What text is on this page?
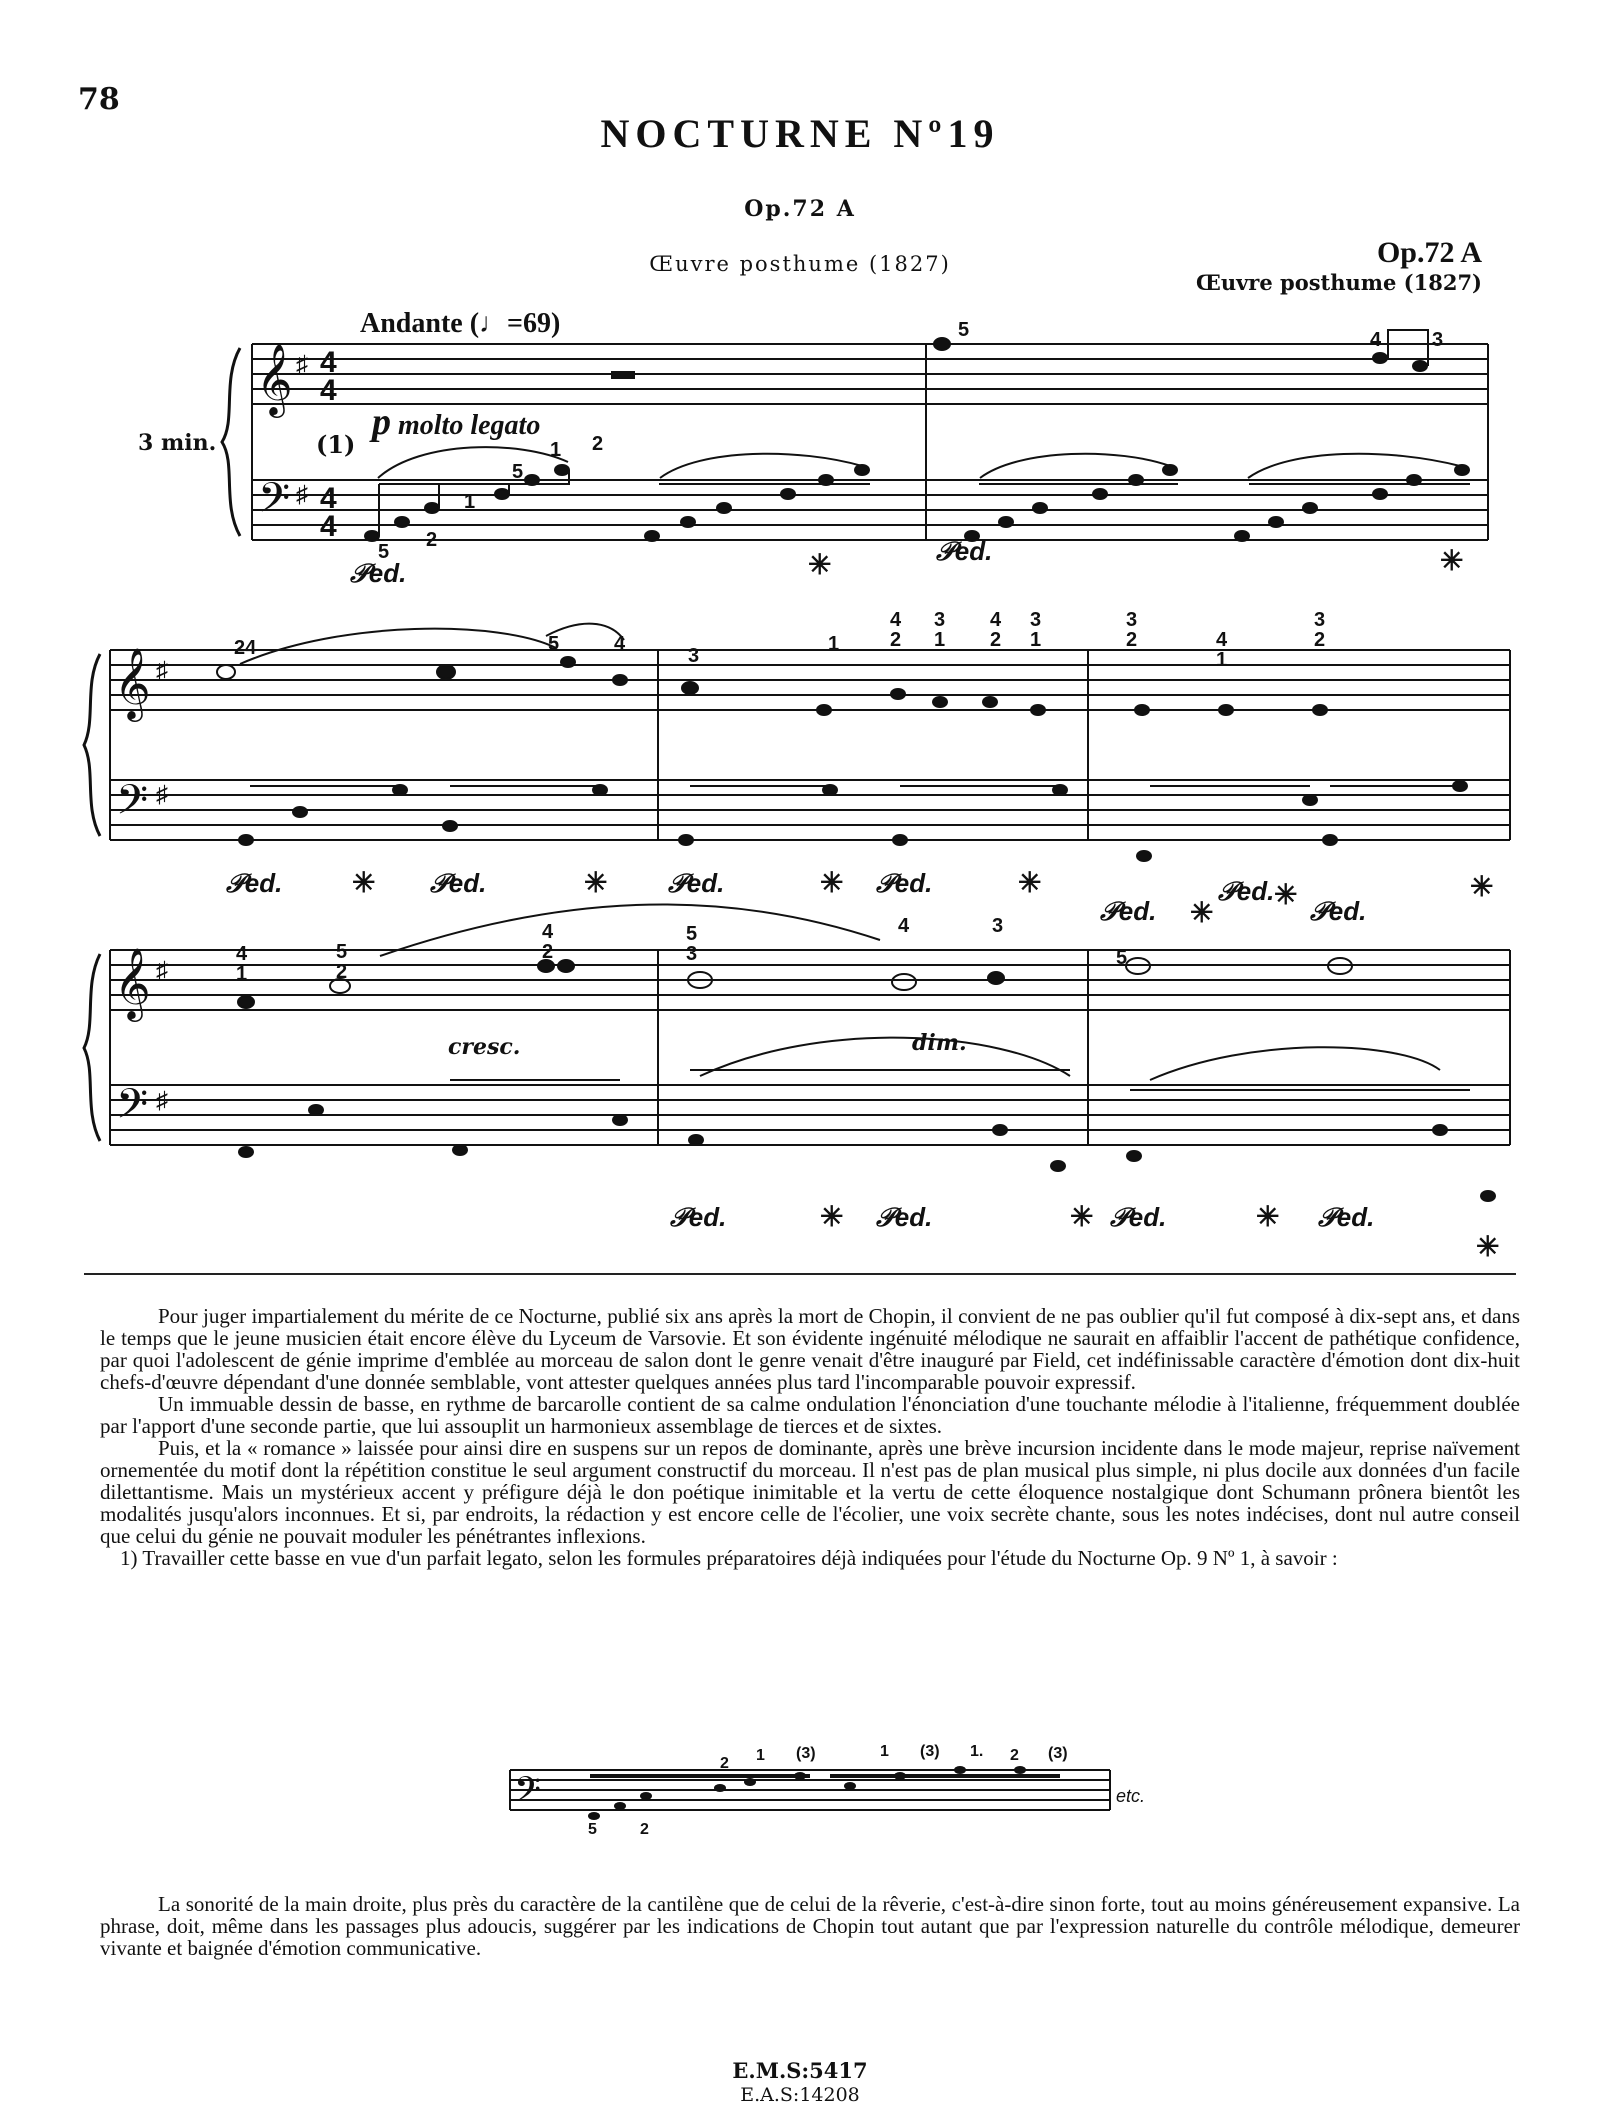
78
NOCTURNE Nº19
Op.72 A
Œuvre posthume (1827)	Op.72 A
Œuvre posthume (1827)
Andante (♩=69)
p molto legato
(1)
3 min.
cresc.	dim.
𝄞
𝄢
♯
♯
4
4
4
4
𝄞
𝄢
♯
♯
𝄞
𝄢
♯
♯
5	4	3
2
1
5
1 2
5
24	5	4
3
1
4
2
3
1
4
2
3
1
3
2	4
1
3
2
4
1
5
2
4
2
5
3
4	3
5
𝒫ed.
𝒫ed.
𝒫ed.	𝒫ed.	𝒫ed.	𝒫ed.
𝒫ed.
𝒫ed.
𝒫ed.
𝒫ed.	𝒫ed.	𝒫ed.	𝒫ed.
✳	✳
✳	✳	✳	✳
✳
✳	✳
✳	✳	✳
✳

Pour juger impartialement du mérite de ce Nocturne, publié six ans après la mort de Chopin, il convient de ne pas oublier qu'il fut composé à dix-sept ans, et dans le temps que le jeune musicien était encore élève du Lyceum de Varsovie. Et son évidente ingénuité mélodique ne saurait en affaiblir l'accent de pathétique confidence, par quoi l'adolescent de génie imprime d'emblée au morceau de salon dont le genre venait d'être inauguré par Field, cet indéfinissable caractère d'émotion dont dix-huit chefs-d'œuvre dépendant d'une donnée semblable, vont attester quelques années plus tard l'incomparable pouvoir expressif.

Un immuable dessin de basse, en rythme de barcarolle contient de sa calme ondulation l'énonciation d'une touchante mélodie à l'italienne, fréquemment doublée par l'apport d'une seconde partie, que lui assouplit un harmonieux assemblage de tierces et de sixtes.

Puis, et la « romance » laissée pour ainsi dire en suspens sur un repos de dominante, après une brève incursion incidente dans le mode majeur, reprise naïvement ornementée du motif dont la répétition constitue le seul argument constructif du morceau. Il n'est pas de plan musical plus simple, ni plus docile aux données d'un facile dilettantisme. Mais un mystérieux accent y préfigure déjà le don poétique inimitable et la vertu de cette éloquence nostalgique dont Schumann prônera bientôt les modalités jusqu'alors inconnues. Et si, par endroits, la rédaction y est encore celle de l'écolier, une voix secrète chante, sous les notes indécises, dont nul autre conseil que celui du génie ne pouvait moduler les pénétrantes inflexions.

1) Travailler cette basse en vue d'un parfait legato, selon les formules préparatoires déjà indiquées pour l'étude du Nocturne Op. 9 Nº 1, à savoir :

𝄢
5	2
2 1 (3)	1 (3) 1. 2 (3)
etc.

La sonorité de la main droite, plus près du caractère de la cantilène que de celui de la rêverie, c'est-à-dire sinon forte, tout au moins généreusement expansive. La phrase, doit, même dans les passages plus adoucis, suggérer par les indications de Chopin tout autant que par l'expression naturelle du contrôle mélodique, demeurer vivante et baignée d'émotion communicative.

E.M.S:5417
E.A.S:14208
